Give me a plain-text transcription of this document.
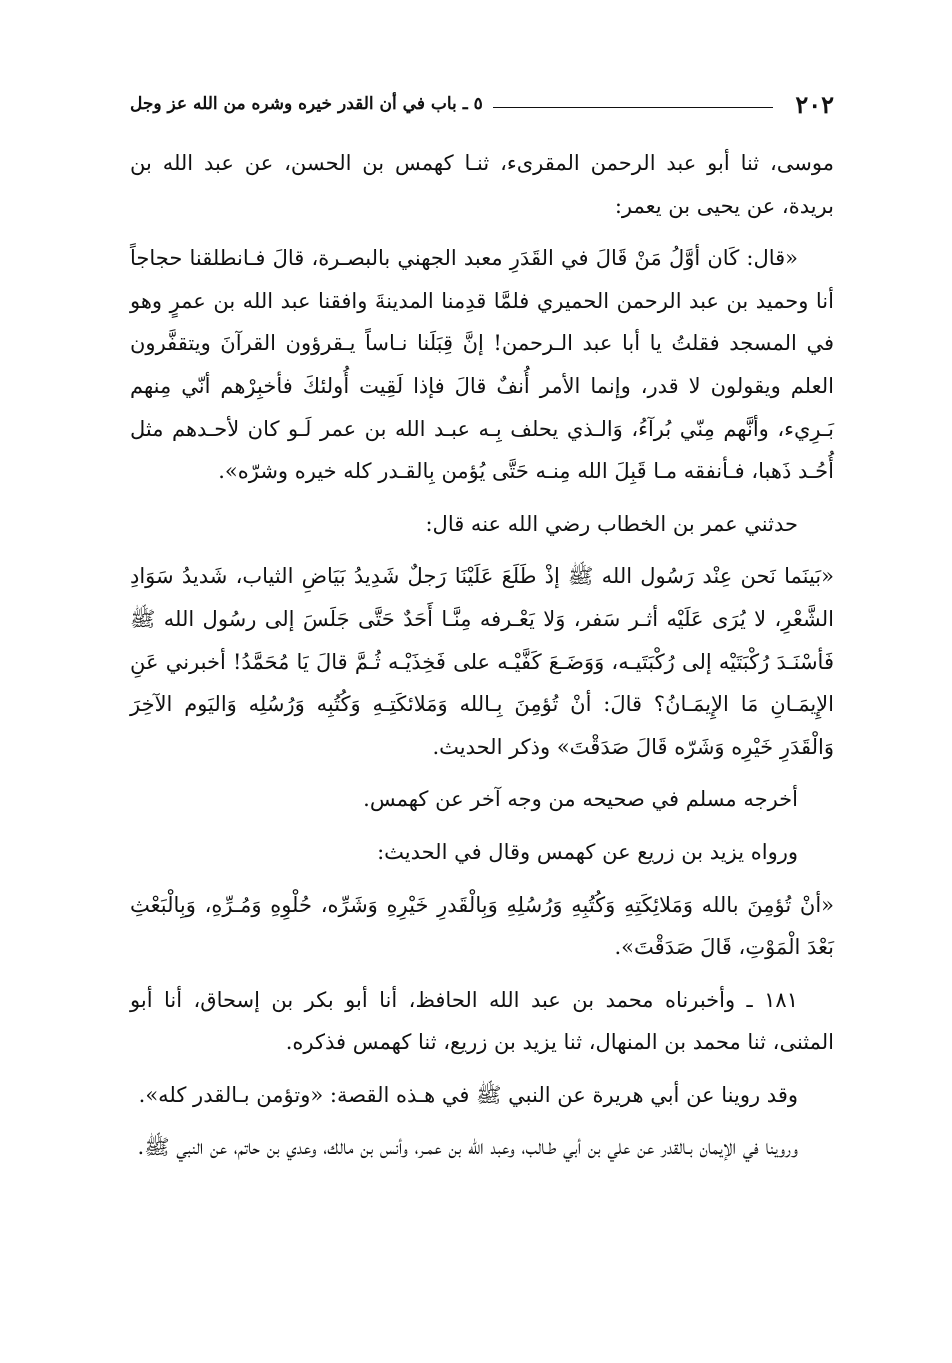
٢٠٢
٥ ـ باب في أن القدر خيره وشره من الله عز وجل

موسى، ثنا أبو عبد الرحمن المقرىء، ثنـا كهمس بن الحسن، عن عبد الله بن بريدة، عن يحيى بن يعمر:

«قال: كَان أوَّلُ مَنْ قَالَ في القَدَرِ معبد الجهني بالبصـرة، قالَ فـانطلقنا حجاجاً أنا وحميد بن عبد الرحمن الحميري فلمَّا قدِمنا المدينةَ وافقنا عبد الله بن عمرٍ وهو في المسجد فقلتُ يا أبا عبد الـرحمن! إنَّ قِبَلَنا نـاساً يـقرؤون القرآنَ ويتقفَّرون العلم ويقولون لا قدر، وإنما الأمر أُنفٌ قالَ فإذا لَقِيت أُولئكَ فأخبِرْهم أنّي مِنهم بَـرِيء، وأنَّهم مِنّي بُرآءُ، وَالـذي يحلف بِـه عبـد الله بن عمر لَـو كان لأحـدهم مثل أُحُـد ذَهبا، فـأنفقه مـا قَبِلَ الله مِنـه حَتَّى يُؤمن بِالقـدر كله خيره وشرّه».

حدثني عمر بن الخطاب رضي الله عنه قال:

«بَينَما نَحن عِنْد رَسُول الله ﷺ إذْ طَلَعَ عَلَيْنَا رَجلٌ شَدِيدُ بَيَاضِ الثياب، شَديدُ سَوَادِ الشَّعْرِ، لا يُرَى عَلَيْه أثـر سَفر، وَلا يَعْـرفه مِنَّـا أَحَدٌ حَتَّى جَلَسَ إلى رسُول الله ﷺ فَأسْنَـدَ رُكْبَتَيْه إلى رُكْبَتَيـه، وَوَضَـعَ كَفَّيْـه على فَخِذَيْـه ثُـمَّ قالَ يَا مُحَمَّدُ! أخبرني عَنِ الإِيمَـانِ مَا الإِيمَـانُ؟ قالَ: أنْ تُؤمِنَ بِـالله وَمَلائكَتِـهِ وَكُتُبِه وَرُسُلِه وَاليَوم الآخِرَ وَالْقَدَرِ خَيْرِه وَشَرّه قَالَ صَدَقْتَ» وذكر الحديث.

أخرجه مسلم في صحيحه من وجه آخر عن كهمس.

ورواه يزيد بن زريع عن كهمس وقال في الحديث:

«أنْ تُؤمِنَ بالله وَمَلائِكَتِهِ وَكُتُبِهِ وَرُسُلِهِ وَبِالْقَدرِ خَيْرِهِ وَشَرِّه، حُلْوِهِ وَمُـرِّهِ، وَبِالْبَعْثِ بَعْدَ الْمَوْتِ، قَالَ صَدَقْتَ».

١٨١ ـ وأخبرناه محمد بن عبد الله الحافظ، أنا أبو بكر بن إسحاق، أنا أبو المثنى، ثنا محمد بن المنهال، ثنا يزيد بن زريع، ثنا كهمس فذكره.

وقد روينا عن أبي هريرة عن النبي ﷺ في هـذه القصة: «وتؤمن بـالقدر كله».

وروينا في الإيمان بـالقدر عن علي بن أبي طـالب، وعبد الله بن عمـر، وأنس بن مالك، وعدي بن حاتم، عن النبي ﷺ.
